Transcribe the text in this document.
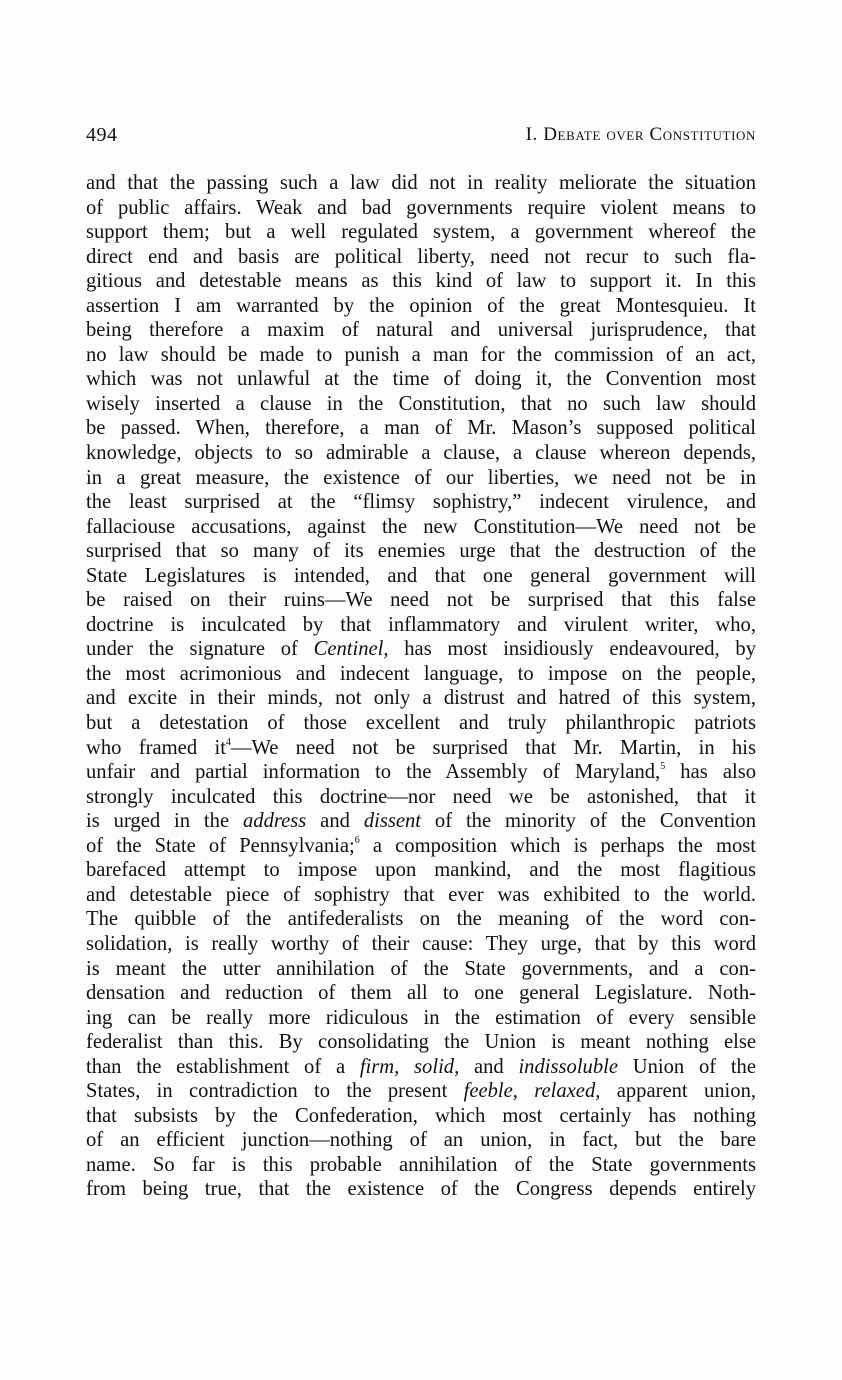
494	I. Debate over Constitution
and that the passing such a law did not in reality meliorate the situation
of public affairs. Weak and bad governments require violent means to
support them; but a well regulated system, a government whereof the
direct end and basis are political liberty, need not recur to such fla-
gitious and detestable means as this kind of law to support it. In this
assertion I am warranted by the opinion of the great Montesquieu. It
being therefore a maxim of natural and universal jurisprudence, that
no law should be made to punish a man for the commission of an act,
which was not unlawful at the time of doing it, the Convention most
wisely inserted a clause in the Constitution, that no such law should
be passed. When, therefore, a man of Mr. Mason’s supposed political
knowledge, objects to so admirable a clause, a clause whereon depends,
in a great measure, the existence of our liberties, we need not be in
the least surprised at the “flimsy sophistry,” indecent virulence, and
fallaciouse accusations, against the new Constitution—We need not be
surprised that so many of its enemies urge that the destruction of the
State Legislatures is intended, and that one general government will
be raised on their ruins—We need not be surprised that this false
doctrine is inculcated by that inflammatory and virulent writer, who,
under the signature of Centinel, has most insidiously endeavoured, by
the most acrimonious and indecent language, to impose on the people,
and excite in their minds, not only a distrust and hatred of this system,
but a detestation of those excellent and truly philanthropic patriots
who framed $it^4—We$ need not be surprised that Mr. Martin, in his
unfair and partial information to the Assembly of Maryland,$^5$ has also
strongly inculcated this doctrine—nor need we be astonished, that it
is urged in the address and dissent of the minority of the Convention
of the State of Pennsylvania;$^6$ a composition which is perhaps the most
barefaced attempt to impose upon mankind, and the most flagitious
and detestable piece of sophistry that ever was exhibited to the world.
The quibble of the antifederalists on the meaning of the word con-
solidation, is really worthy of their cause: They urge, that by this word
is meant the utter annihilation of the State governments, and a con-
densation and reduction of them all to one general Legislature. Noth-
ing can be really more ridiculous in the estimation of every sensible
federalist than this. By consolidating the Union is meant nothing else
than the establishment of a firm, solid, and indissoluble Union of the
States, in contradiction to the present feeble, relaxed, apparent union,
that subsists by the Confederation, which most certainly has nothing
of an efficient junction—nothing of an union, in fact, but the bare
name. So far is this probable annihilation of the State governments
from being true, that the existence of the Congress depends entirely
